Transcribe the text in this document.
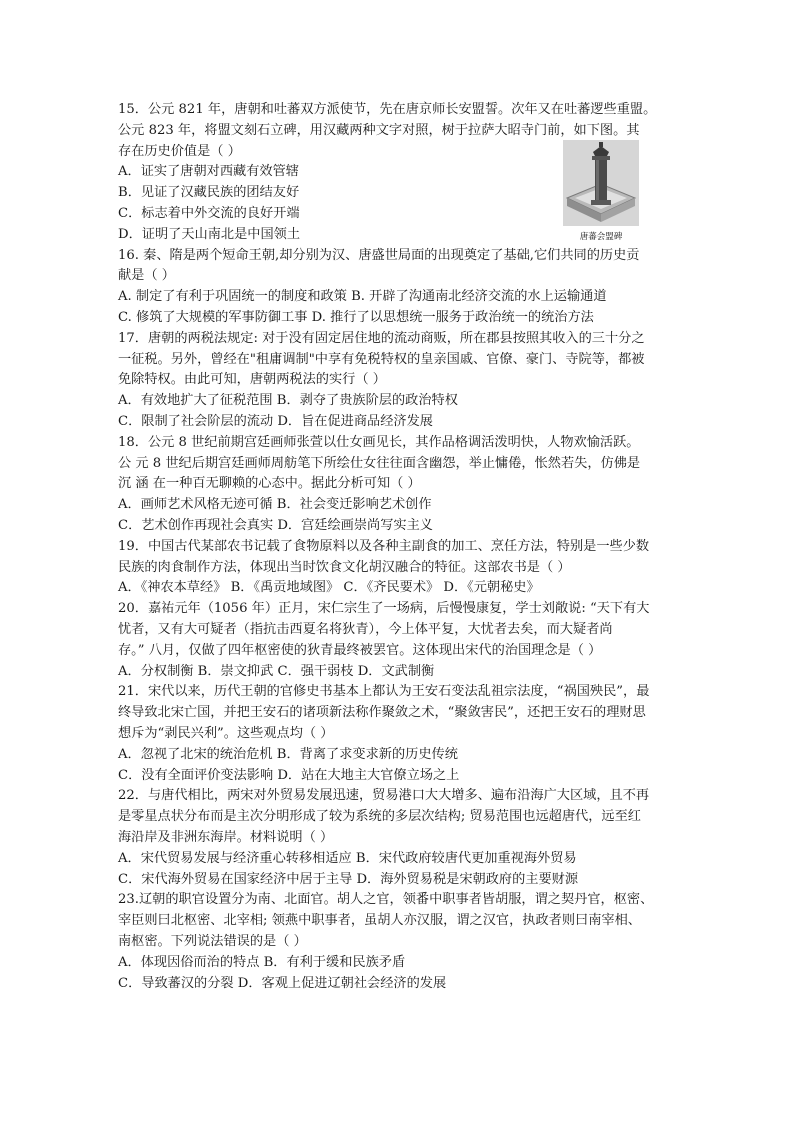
15．公元 821 年，唐朝和吐蕃双方派使节，先在唐京师长安盟誓。次年又在吐蕃逻些重盟。
公元 823 年，将盟文刻石立碑，用汉藏两种文字对照，树于拉萨大昭寺门前，如下图。其
存在历史价值是（ ）
A．证实了唐朝对西藏有效管辖
B．见证了汉藏民族的团结友好
C．标志着中外交流的良好开端
D．证明了天山南北是中国领土
16. 秦、隋是两个短命王朝,却分别为汉、唐盛世局面的出现奠定了基础,它们共同的历史贡
献是（ ）
A. 制定了有利于巩固统一的制度和政策 B. 开辟了沟通南北经济交流的水上运输通道
C. 修筑了大规模的军事防御工事 D. 推行了以思想统一服务于政治统一的统治方法
17．唐朝的两税法规定: 对于没有固定居住地的流动商贩，所在郡县按照其收入的三十分之
一征税。另外，曾经在"租庸调制"中享有免税特权的皇亲国戚、官僚、豪门、寺院等，都被
免除特权。由此可知，唐朝两税法的实行（ ）
A．有效地扩大了征税范围 B．剥夺了贵族阶层的政治特权
C．限制了社会阶层的流动 D．旨在促进商品经济发展
18．公元 8 世纪前期宫廷画师张萱以仕女画见长，其作品格调活泼明快，人物欢愉活跃。
公 元 8 世纪后期宫廷画师周舫笔下所绘仕女往往面含幽怨，举止慵倦，怅然若失，仿佛是
沉 涵 在一种百无聊赖的心态中。据此分析可知（ ）
A．画师艺术风格无迹可循 B．社会变迁影响艺术创作
C．艺术创作再现社会真实 D．宫廷绘画崇尚写实主义
19．中国古代某部农书记载了食物原料以及各种主副食的加工、烹任方法，特别是一些少数
民族的肉食制作方法，体现出当时饮食文化胡汉融合的特征。这部农书是（ ）
A．《神农本草经》 B．《禹贡地域图》 C．《齐民要术》 D．《元朝秘史》
20．嘉祐元年（1056 年）正月，宋仁宗生了一场病，后慢慢康复，学士刘敞说: “天下有大
忧者，又有大可疑者（指抗击西夏名将狄青），今上体平复，大忧者去矣，而大疑者尚
存。” 八月，仅做了四年枢密使的狄青最终被罢官。这体现出宋代的治国理念是（ ）
A．分权制衡 B．崇文抑武 C．强干弱枝 D．文武制衡
21．宋代以来，历代王朝的官修史书基本上都认为王安石变法乱祖宗法度，“祸国殃民”，最
终导致北宋亡国，并把王安石的诸项新法称作聚敛之术，“聚敛害民”，还把王安石的理财思
想斥为“剥民兴利”。这些观点均（ ）
A．忽视了北宋的统治危机 B．背离了求变求新的历史传统
C．没有全面评价变法影响 D．站在大地主大官僚立场之上
22．与唐代相比，两宋对外贸易发展迅速，贸易港口大大增多、遍布沿海广大区域，且不再
是零星点状分布而是主次分明形成了较为系统的多层次结构; 贸易范围也远超唐代，远至红
海沿岸及非洲东海岸。材料说明（ ）
A．宋代贸易发展与经济重心转移相适应 B．宋代政府较唐代更加重视海外贸易
C．宋代海外贸易在国家经济中居于主导 D．海外贸易税是宋朝政府的主要财源
23.辽朝的职官设置分为南、北面官。胡人之官，领番中职事者皆胡服，谓之契丹官，枢密、
宰臣则曰北枢密、北宰相; 领燕中职事者，虽胡人亦汉服，谓之汉官，执政者则曰南宰相、
南枢密。下列说法错误的是（ ）
A．体现因俗而治的特点 B．有利于缓和民族矛盾
C．导致蕃汉的分裂 D．客观上促进辽朝社会经济的发展
唐蕃会盟碑
